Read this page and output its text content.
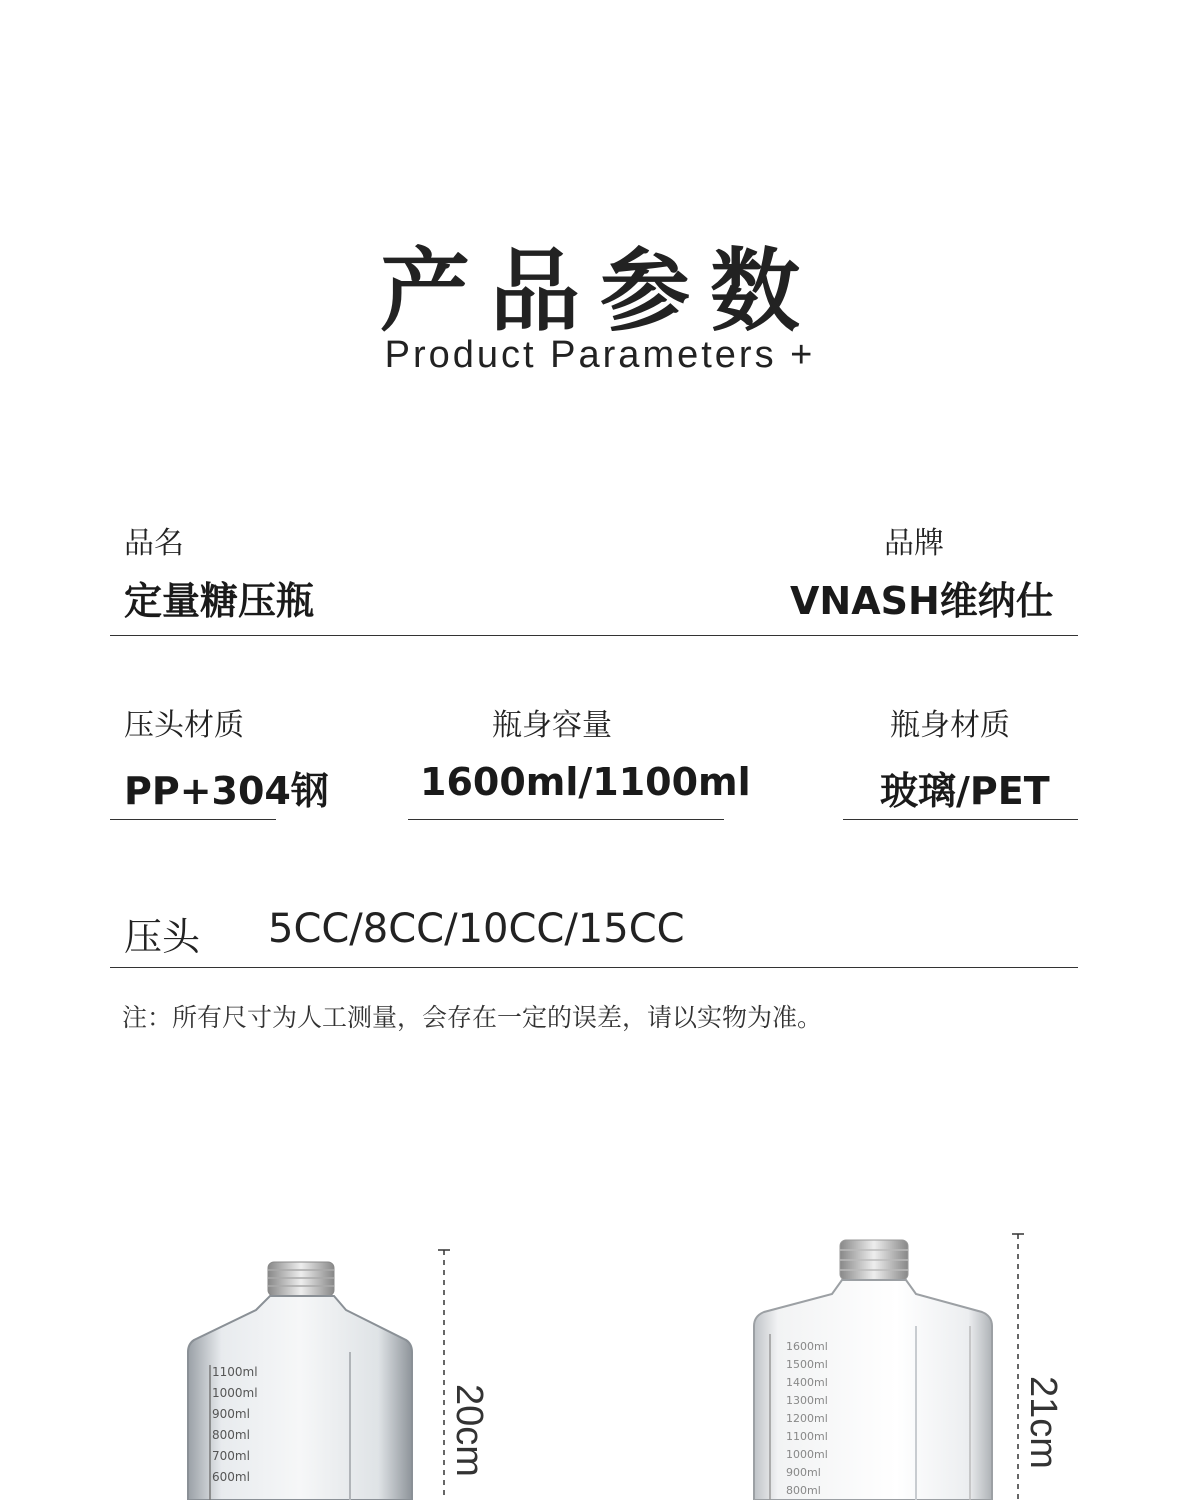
产品参数
Product Parameters +
品名
定量糖压瓶
品牌
VNASH维纳仕
压头材质
PP+304钢
瓶身容量
1600ml/1100ml
瓶身材质
玻璃/PET
压头 5CC/8CC/10CC/15CC
注：所有尺寸为人工测量，会存在一定的误差，请以实物为准。
1100ml
1000ml
900ml
800ml
700ml
600ml
20cm
1600ml
1500ml
1400ml
1300ml
1200ml
1100ml
1000ml
900ml
800ml
21cm
